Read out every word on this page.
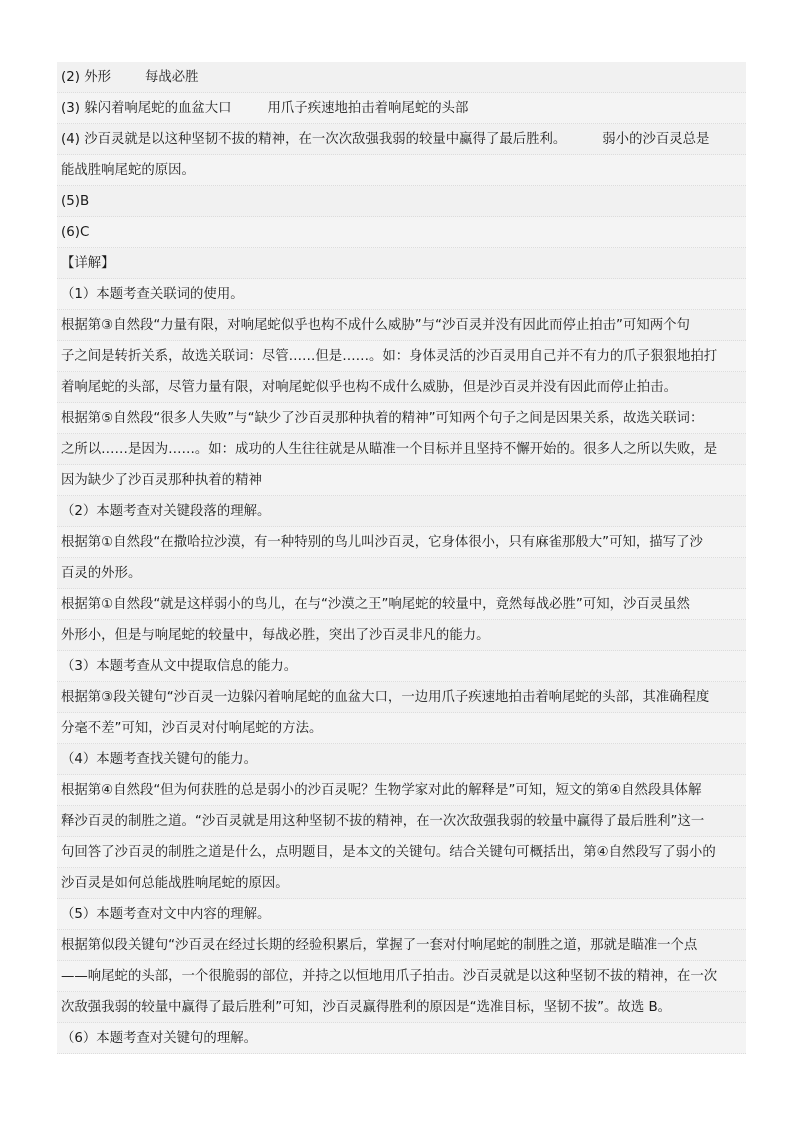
(2) 外形	每战必胜
(3) 躲闪着响尾蛇的血盆大口	用爪子疾速地拍击着响尾蛇的头部
(4) 沙百灵就是以这种坚韧不拔的精神，在一次次敌强我弱的较量中赢得了最后胜利。	弱小的沙百灵总是
能战胜响尾蛇的原因。
(5)B
(6)C
【详解】
（1）本题考查关联词的使用。
根据第③自然段“力量有限，对响尾蛇似乎也构不成什么威胁”与“沙百灵并没有因此而停止拍击”可知两个句
子之间是转折关系，故选关联词：尽管……但是……。如：身体灵活的沙百灵用自己并不有力的爪子狠狠地拍打
着响尾蛇的头部，尽管力量有限，对响尾蛇似乎也构不成什么威胁，但是沙百灵并没有因此而停止拍击。
根据第⑤自然段“很多人失败”与“缺少了沙百灵那种执着的精神”可知两个句子之间是因果关系，故选关联词：
之所以……是因为……。如：成功的人生往往就是从瞄准一个目标并且坚持不懈开始的。很多人之所以失败，是
因为缺少了沙百灵那种执着的精神
（2）本题考查对关键段落的理解。
根据第①自然段“在撒哈拉沙漠，有一种特别的鸟儿叫沙百灵，它身体很小，只有麻雀那般大”可知，描写了沙
百灵的外形。
根据第①自然段“就是这样弱小的鸟儿，在与“沙漠之王”响尾蛇的较量中，竟然每战必胜”可知，沙百灵虽然
外形小，但是与响尾蛇的较量中，每战必胜，突出了沙百灵非凡的能力。
（3）本题考查从文中提取信息的能力。
根据第③段关键句“沙百灵一边躲闪着响尾蛇的血盆大口，一边用爪子疾速地拍击着响尾蛇的头部，其准确程度
分毫不差”可知，沙百灵对付响尾蛇的方法。
（4）本题考查找关键句的能力。
根据第④自然段“但为何获胜的总是弱小的沙百灵呢？生物学家对此的解释是”可知，短文的第④自然段具体解
释沙百灵的制胜之道。“沙百灵就是用这种坚韧不拔的精神，在一次次敌强我弱的较量中赢得了最后胜利”这一
句回答了沙百灵的制胜之道是什么，点明题目，是本文的关键句。结合关键句可概括出，第④自然段写了弱小的
沙百灵是如何总能战胜响尾蛇的原因。
（5）本题考查对文中内容的理解。
根据第似段关键句“沙百灵在经过长期的经验积累后，掌握了一套对付响尾蛇的制胜之道，那就是瞄准一个点
——响尾蛇的头部，一个很脆弱的部位，并持之以恒地用爪子拍击。沙百灵就是以这种坚韧不拔的精神，在一次
次敌强我弱的较量中赢得了最后胜利”可知，沙百灵赢得胜利的原因是“选准目标，坚韧不拔”。故选 B。
（6）本题考查对关键句的理解。
